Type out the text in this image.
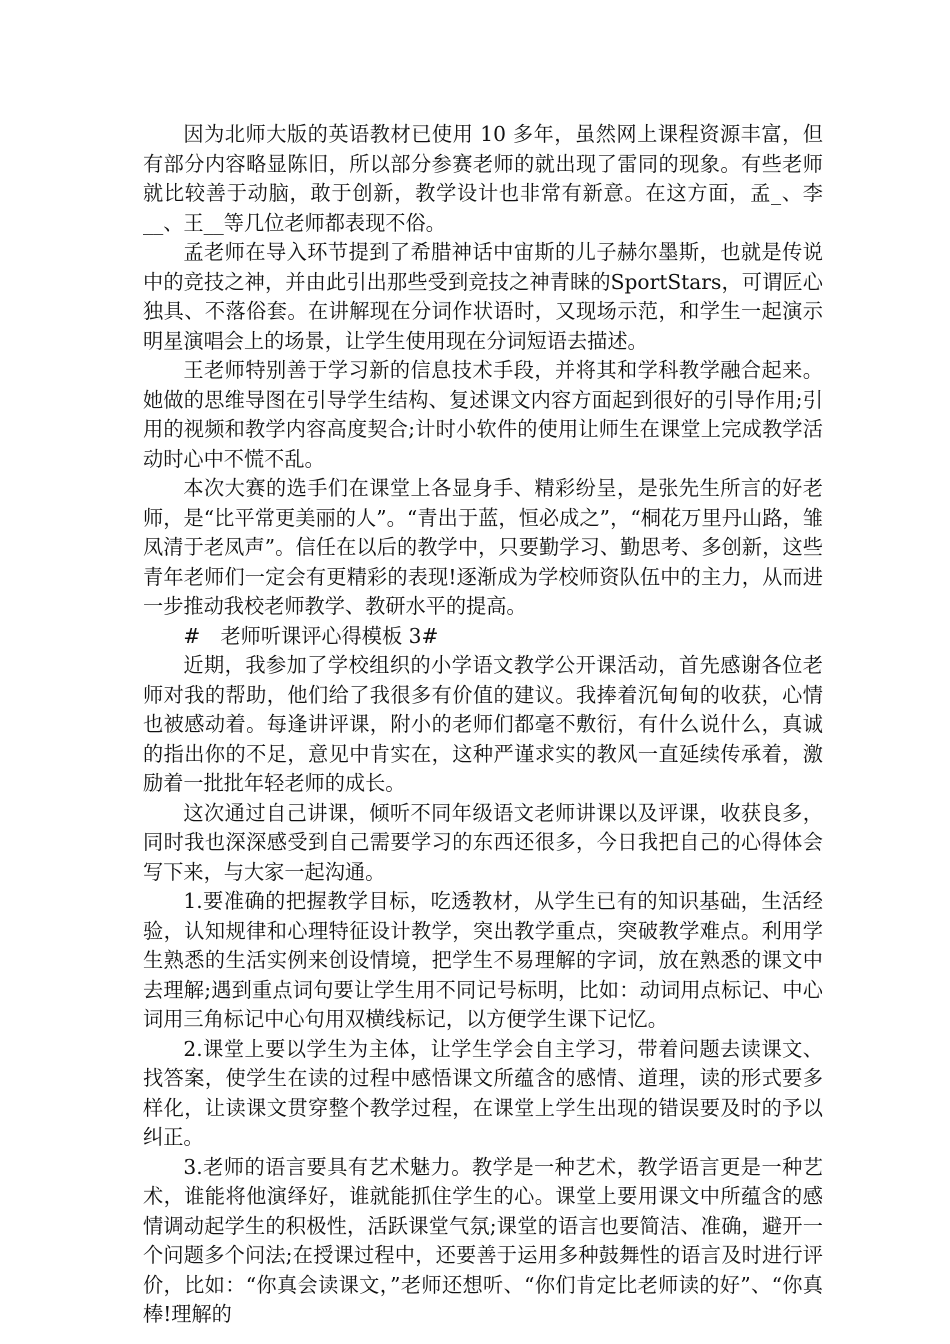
因为北师大版的英语教材已使用 10 多年，虽然网上课程资源丰富，但有部分内容略显陈旧，所以部分参赛老师的就出现了雷同的现象。有些老师就比较善于动脑，敢于创新，教学设计也非常有新意。在这方面，孟_、李__、王__等几位老师都表现不俗。

孟老师在导入环节提到了希腊神话中宙斯的儿子赫尔墨斯，也就是传说中的竞技之神，并由此引出那些受到竞技之神青睐的SportStars，可谓匠心独具、不落俗套。在讲解现在分词作状语时，又现场示范，和学生一起演示明星演唱会上的场景，让学生使用现在分词短语去描述。

王老师特别善于学习新的信息技术手段，并将其和学科教学融合起来。她做的思维导图在引导学生结构、复述课文内容方面起到很好的引导作用;引用的视频和教学内容高度契合;计时小软件的使用让师生在课堂上完成教学活动时心中不慌不乱。

本次大赛的选手们在课堂上各显身手、精彩纷呈，是张先生所言的好老师，是“比平常更美丽的人”。“青出于蓝，恒必成之”，“桐花万里丹山路，雏凤清于老凤声”。信任在以后的教学中，只要勤学习、勤思考、多创新，这些青年老师们一定会有更精彩的表现!逐渐成为学校师资队伍中的主力，从而进一步推动我校老师教学、教研水平的提高。

#　老师听课评心得模板 3#

近期，我参加了学校组织的小学语文教学公开课活动，首先感谢各位老师对我的帮助，他们给了我很多有价值的建议。我捧着沉甸甸的收获，心情也被感动着。每逢讲评课，附小的老师们都毫不敷衍，有什么说什么，真诚的指出你的不足，意见中肯实在，这种严谨求实的教风一直延续传承着，激励着一批批年轻老师的成长。

这次通过自己讲课，倾听不同年级语文老师讲课以及评课，收获良多，同时我也深深感受到自己需要学习的东西还很多，今日我把自己的心得体会写下来，与大家一起沟通。

1.要准确的把握教学目标，吃透教材，从学生已有的知识基础，生活经验，认知规律和心理特征设计教学，突出教学重点，突破教学难点。利用学生熟悉的生活实例来创设情境，把学生不易理解的字词，放在熟悉的课文中去理解;遇到重点词句要让学生用不同记号标明，比如：动词用点标记、中心词用三角标记中心句用双横线标记，以方便学生课下记忆。

2.课堂上要以学生为主体，让学生学会自主学习，带着问题去读课文、找答案，使学生在读的过程中感悟课文所蕴含的感情、道理，读的形式要多样化，让读课文贯穿整个教学过程，在课堂上学生出现的错误要及时的予以纠正。

3.老师的语言要具有艺术魅力。教学是一种艺术，教学语言更是一种艺术，谁能将他演绎好，谁就能抓住学生的心。课堂上要用课文中所蕴含的感情调动起学生的积极性，活跃课堂气氛;课堂的语言也要简洁、准确，避开一个问题多个问法;在授课过程中，还要善于运用多种鼓舞性的语言及时进行评价，比如：“你真会读课文，”老师还想听、“你们肯定比老师读的好”、“你真棒!理解的
